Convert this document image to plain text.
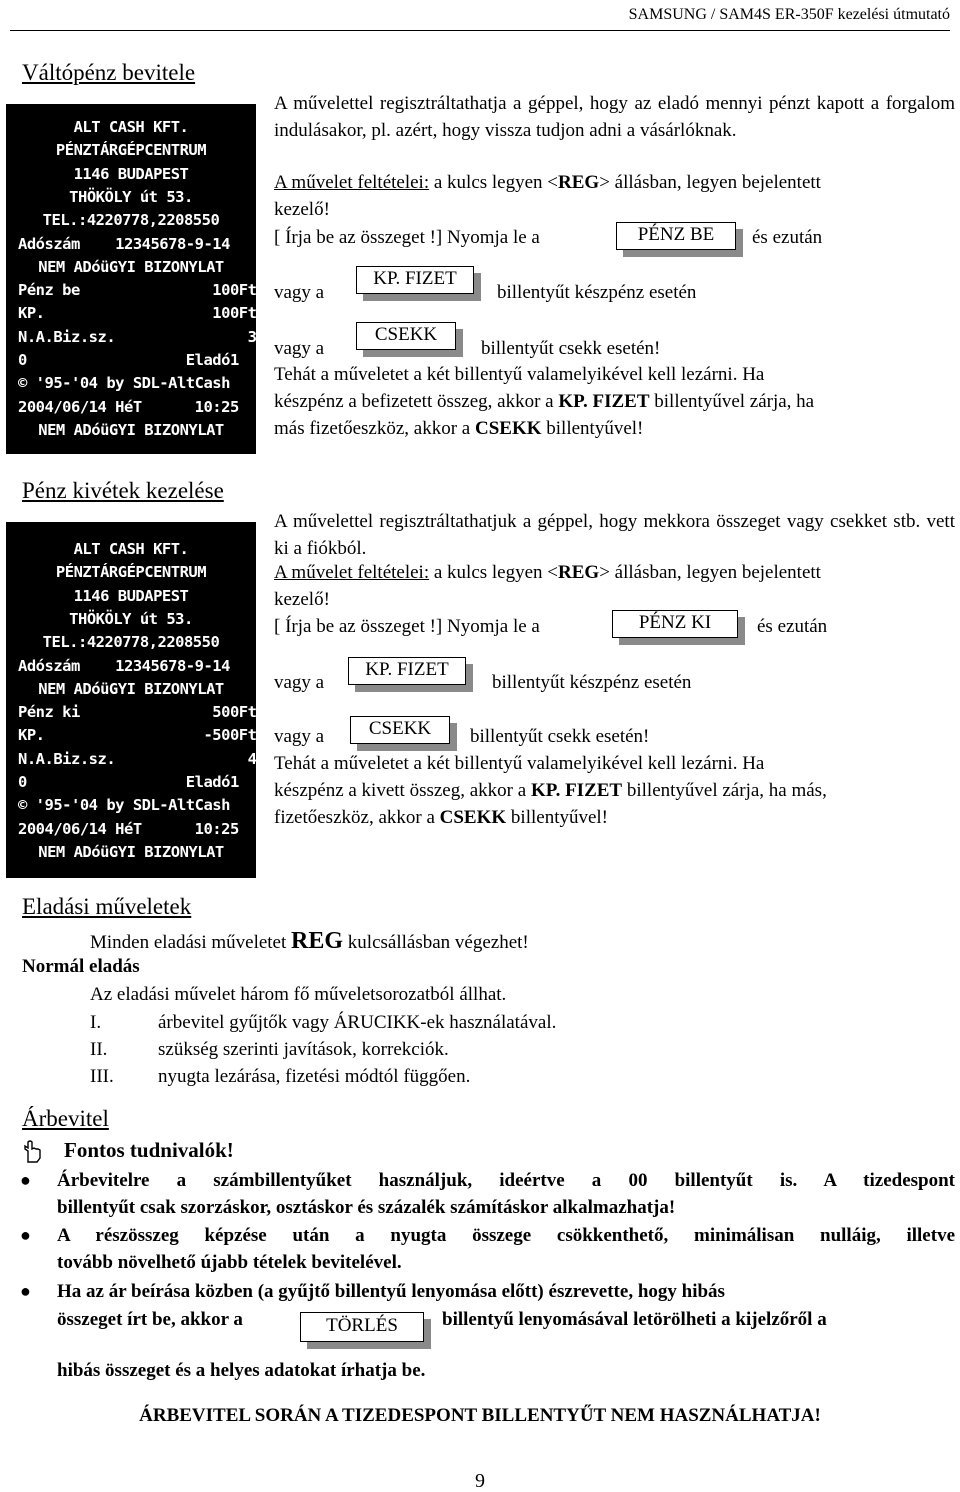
SAMSUNG / SAM4S ER-350F kezelési útmutató
Váltópénz bevitele
ALT CASH KFT.
PÉNZTÁRGÉPCENTRUM
1146 BUDAPEST
THÖKÖLY út 53.
TEL.:4220778,2208550
Adószám    12345678-9-14
NEM ADóüGYI BIZONYLAT
Pénz be               100Ft
KP.                   100Ft
N.A.Biz.sz.               3
0                  Eladó1
© '95-'04 by SDL-AltCash
2004/06/14 HéT      10:25
NEM ADóüGYI BIZONYLAT
A művelettel regisztráltathatja a géppel, hogy az eladó mennyi pénzt kapott a forgalom indulásakor, pl. azért, hogy vissza tudjon adni a vásárlóknak.
A művelet feltételei: a kulcs legyen <REG> állásban, legyen bejelentett
kezelő!
[ Írja be az összeget !] Nyomja le a	PÉNZ BE	és ezután
vagy a
KP. FIZET
billentyűt készpénz esetén
vagy a
CSEKK
billentyűt csekk esetén!
Tehát a műveletet a két billentyű valamelyikével kell lezárni. Ha
készpénz a befizetett összeg, akkor a KP. FIZET billentyűvel zárja, ha
más fizetőeszköz, akkor a CSEKK billentyűvel!
Pénz kivétek kezelése
ALT CASH KFT.
PÉNZTÁRGÉPCENTRUM
1146 BUDAPEST
THÖKÖLY út 53.
TEL.:4220778,2208550
Adószám    12345678-9-14
NEM ADóüGYI BIZONYLAT
Pénz ki               500Ft
KP.                  -500Ft
N.A.Biz.sz.               4
0                  Eladó1
© '95-'04 by SDL-AltCash
2004/06/14 HéT      10:25
NEM ADóüGYI BIZONYLAT
A művelettel regisztráltathatjuk a géppel, hogy mekkora összeget vagy csekket stb. vett ki a fiókból.
A művelet feltételei: a kulcs legyen <REG> állásban, legyen bejelentett
kezelő!
[ Írja be az összeget !] Nyomja le a	PÉNZ KI	és ezután
vagy a
KP. FIZET
billentyűt készpénz esetén
vagy a	CSEKK	billentyűt csekk esetén!
Tehát a műveletet a két billentyű valamelyikével kell lezárni. Ha
készpénz a kivett összeg, akkor a KP. FIZET billentyűvel zárja, ha más,
fizetőeszköz, akkor a CSEKK billentyűvel!
Eladási műveletek
Minden eladási műveletet REG kulcsállásban végezhet!
Normál eladás
Az eladási művelet három fő műveletsorozatból állhat.
I.	árbevitel gyűjtők vagy ÁRUCIKK-ek használatával.
II.	szükség szerinti javítások, korrekciók.
III. nyugta lezárása, fizetési módtól függően.
Árbevitel
Fontos tudnivalók!
● Árbevitelre a számbillentyűket használjuk, ideértve a 00 billentyűt is. A tizedespont
billentyűt csak szorzáskor, osztáskor és százalék számításkor alkalmazhatja!
● A részösszeg képzése után a nyugta összege csökkenthető, minimálisan nulláig, illetve
tovább növelhető újabb tételek bevitelével.
● Ha az ár beírása közben (a gyűjtő billentyű lenyomása előtt) észrevette, hogy hibás
összeget írt be, akkor a	TÖRLÉS	billentyű lenyomásával letörölheti a kijelzőről a
hibás összeget és a helyes adatokat írhatja be.
ÁRBEVITEL SORÁN A TIZEDESPONT BILLENTYŰT NEM HASZNÁLHATJA!
9
